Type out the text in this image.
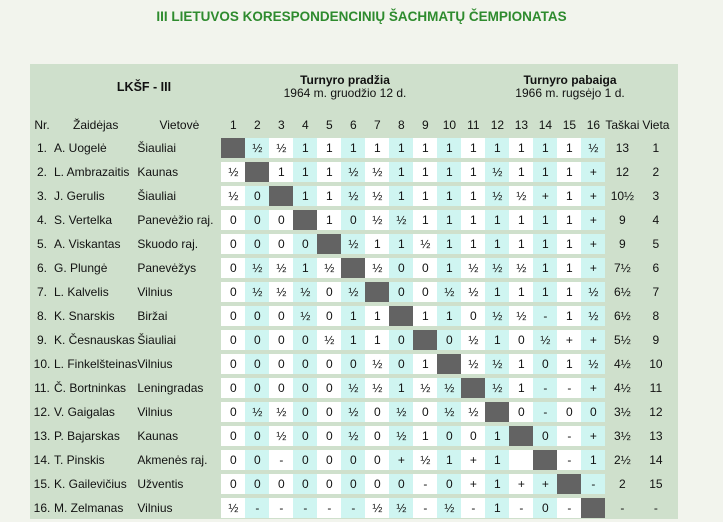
III LIETUVOS KORESPONDENCINIŲ ŠACHMATŲ ČEMPIONATAS
LKŠF - III	Turnyro pradžia
1964 m. gruodžio 12 d.
Turnyro pabaiga
1966 m. rugsėjo 1 d.
Nr.	Žaidėjas	Vietovė	1	2	3	4	5	6	7	8	9	10	11	12	13	14	15	16	Taškai	Vieta
1.	A. Uogelė	Šiauliai		½	½	1	1	1	1	1	1	1	1	1	1	1	1	½	13	1
2.	L. Ambrazaitis	Kaunas	½		1	1	1	½	½	1	1	1	1	½	1	1	1	+	12	2
3.	J. Gerulis	Šiauliai	½	0		1	1	½	½	1	1	1	1	½	½	+	1	+	10½	3
4.	S. Vertelka	Panevėžio raj.	0	0	0		1	0	½	½	1	1	1	1	1	1	1	+	9	4
5.	A. Viskantas	Skuodo raj.	0	0	0	0		½	1	1	½	1	1	1	1	1	1	+	9	5
6.	G. Plungė	Panevėžys	0	½	½	1	½		½	0	0	1	½	½	½	1	1	+	7½	6
7.	L. Kalvelis	Vilnius	0	½	½	½	0	½		0	0	½	½	1	1	1	1	½	6½	7
8.	K. Snarskis	Biržai	0	0	0	½	0	1	1		1	1	0	½	½	-	1	½	6½	8
9.	K. Česnauskas	Šiauliai	0	0	0	0	½	1	1	0		0	½	1	0	½	+	+	5½	9
10.	L. Finkelšteinas	Vilnius	0	0	0	0	0	0	½	0	1		½	½	1	0	1	½	4½	10
11.	Č. Bortninkas	Leningradas	0	0	0	0	0	½	½	1	½	½		½	1	-	-	+	4½	11
12.	V. Gaigalas	Vilnius	0	½	½	0	0	½	0	½	0	½	½		0	-	0	0	3½	12
13.	P. Bajarskas	Kaunas	0	0	½	0	0	½	0	½	1	0	0	1		0	-	+	3½	13
14.	T. Pinskis	Akmenės raj.	0	0	-	0	0	0	0	+	½	1	+	1			-	1	2½	14
15.	K. Gailevičius	Užventis	0	0	0	0	0	0	0	0	-	0	+	1	+	+		-	2	15
16.	M. Zelmanas	Vilnius	½	-	-	-	-	-	½	½	-	½	-	1	-	0	-		-	-
